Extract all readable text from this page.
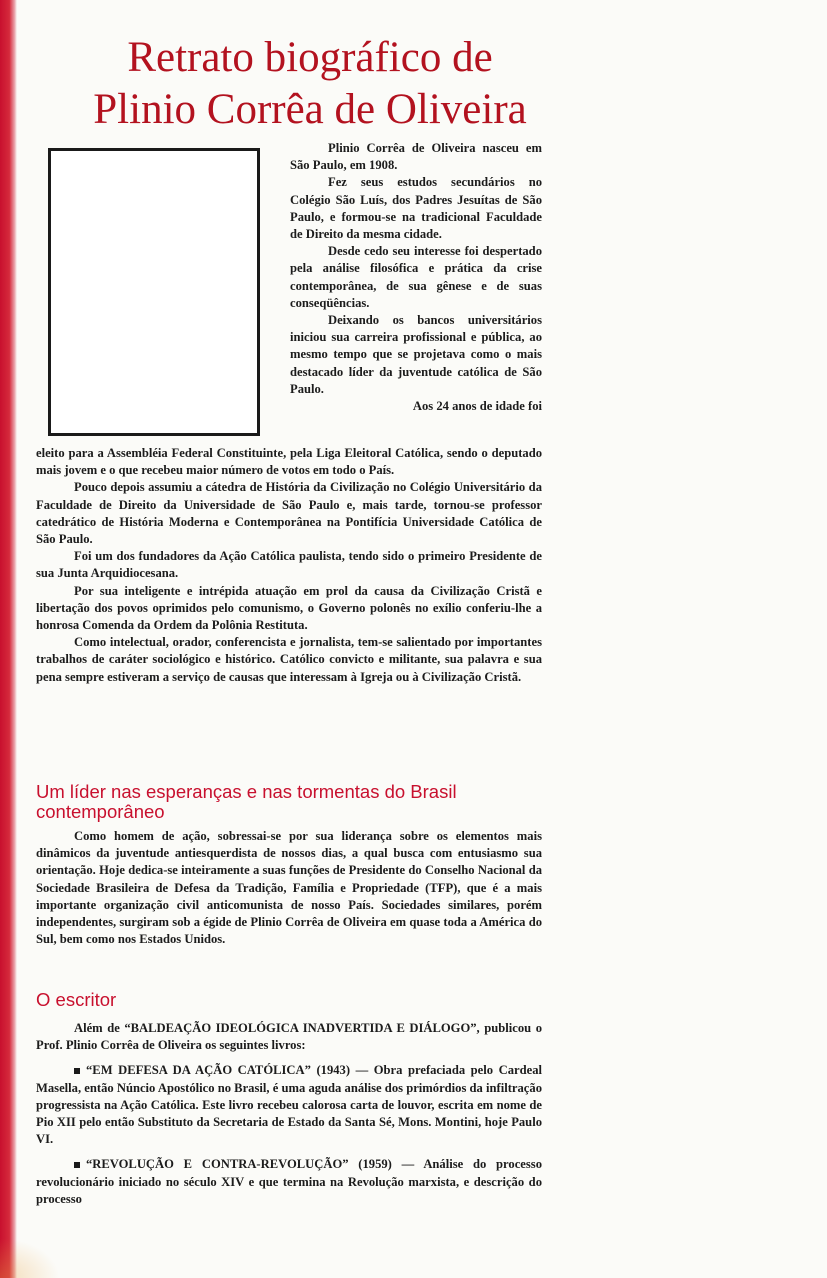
Retrato biográfico de
Plinio Corrêa de Oliveira

Plinio Corrêa de Oliveira nasceu em São Paulo, em 1908.

Fez seus estudos secundários no Colégio São Luís, dos Padres Jesuítas de São Paulo, e formou-se na tradicional Faculdade de Direito da mesma cidade.

Desde cedo seu interesse foi despertado pela análise filosófica e prática da crise contemporânea, de sua gênese e de suas conseqüências.

Deixando os bancos universitários iniciou sua carreira profissional e pública, ao mesmo tempo que se projetava como o mais destacado líder da juventude católica de São Paulo.

Aos 24 anos de idade foi

eleito para a Assembléia Federal Constituinte, pela Liga Eleitoral Católica, sendo o deputado mais jovem e o que recebeu maior número de votos em todo o País.

Pouco depois assumiu a cátedra de História da Civilização no Colégio Universitário da Faculdade de Direito da Universidade de São Paulo e, mais tarde, tornou-se professor catedrático de História Moderna e Contemporânea na Pontifícia Universidade Católica de São Paulo.

Foi um dos fundadores da Ação Católica paulista, tendo sido o primeiro Presidente de sua Junta Arquidiocesana.

Por sua inteligente e intrépida atuação em prol da causa da Civilização Cristã e libertação dos povos oprimidos pelo comunismo, o Governo polonês no exílio conferiu-lhe a honrosa Comenda da Ordem da Polônia Restituta.

Como intelectual, orador, conferencista e jornalista, tem-se salientado por importantes trabalhos de caráter sociológico e histórico. Católico convicto e militante, sua palavra e sua pena sempre estiveram a serviço de causas que interessam à Igreja ou à Civilização Cristã.

Um líder nas esperanças e nas tormentas do Brasil contemporâneo

Como homem de ação, sobressai-se por sua liderança sobre os elementos mais dinâmicos da juventude antiesquerdista de nossos dias, a qual busca com entusiasmo sua orientação. Hoje dedica-se inteiramente a suas funções de Presidente do Conselho Nacional da Sociedade Brasileira de Defesa da Tradição, Família e Propriedade (TFP), que é a mais importante organização civil anticomunista de nosso País. Sociedades similares, porém independentes, surgiram sob a égide de Plinio Corrêa de Oliveira em quase toda a América do Sul, bem como nos Estados Unidos.

O escritor

Além de “BALDEAÇÃO IDEOLÓGICA INADVERTIDA E DIÁLOGO”, publicou o Prof. Plinio Corrêa de Oliveira os seguintes livros:

“EM DEFESA DA AÇÃO CATÓLICA” (1943) — Obra prefaciada pelo Cardeal Masella, então Núncio Apostólico no Brasil, é uma aguda análise dos primórdios da infiltração progressista na Ação Católica. Este livro recebeu calorosa carta de louvor, escrita em nome de Pio XII pelo então Substituto da Secretaria de Estado da Santa Sé, Mons. Montini, hoje Paulo VI.

“REVOLUÇÃO E CONTRA-REVOLUÇÃO” (1959) — Análise do processo revolucionário iniciado no século XIV e que termina na Revolução marxista, e descrição do processo
